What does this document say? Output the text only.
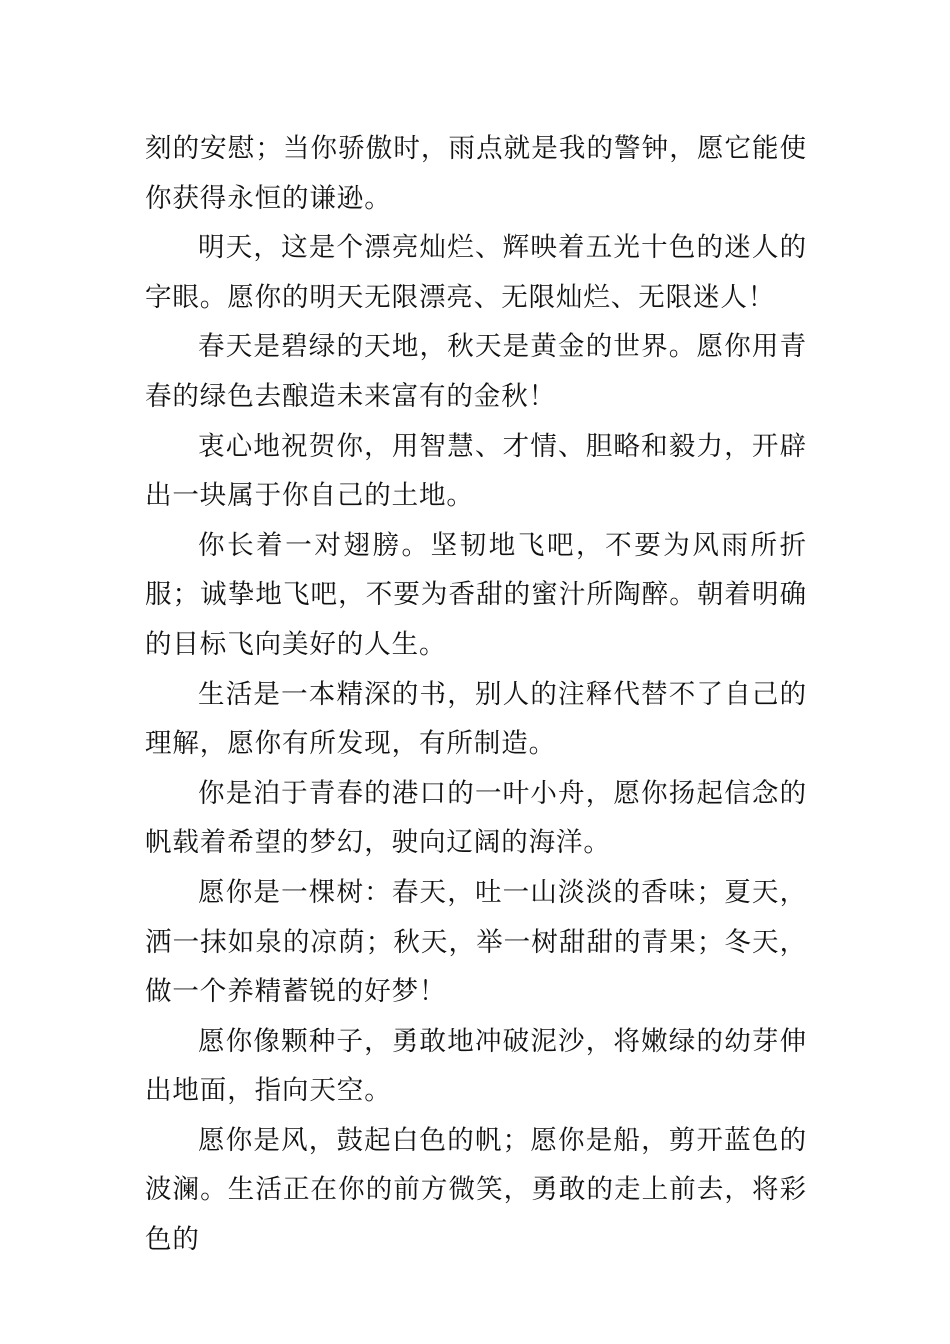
刻的安慰；当你骄傲时，雨点就是我的警钟，愿它能使你获得永恒的谦逊。

明天，这是个漂亮灿烂、辉映着五光十色的迷人的字眼。愿你的明天无限漂亮、无限灿烂、无限迷人！

春天是碧绿的天地，秋天是黄金的世界。愿你用青春的绿色去酿造未来富有的金秋！

衷心地祝贺你，用智慧、才情、胆略和毅力，开辟出一块属于你自己的土地。

你长着一对翅膀。坚韧地飞吧，不要为风雨所折服；诚挚地飞吧，不要为香甜的蜜汁所陶醉。朝着明确的目标飞向美好的人生。

生活是一本精深的书，别人的注释代替不了自己的理解，愿你有所发现，有所制造。

你是泊于青春的港口的一叶小舟，愿你扬起信念的帆载着希望的梦幻，驶向辽阔的海洋。

愿你是一棵树：春天，吐一山淡淡的香味；夏天，洒一抹如泉的凉荫；秋天，举一树甜甜的青果；冬天，做一个养精蓄锐的好梦！

愿你像颗种子，勇敢地冲破泥沙，将嫩绿的幼芽伸出地面，指向天空。

愿你是风，鼓起白色的帆；愿你是船，剪开蓝色的波澜。生活正在你的前方微笑，勇敢的走上前去，将彩色的
